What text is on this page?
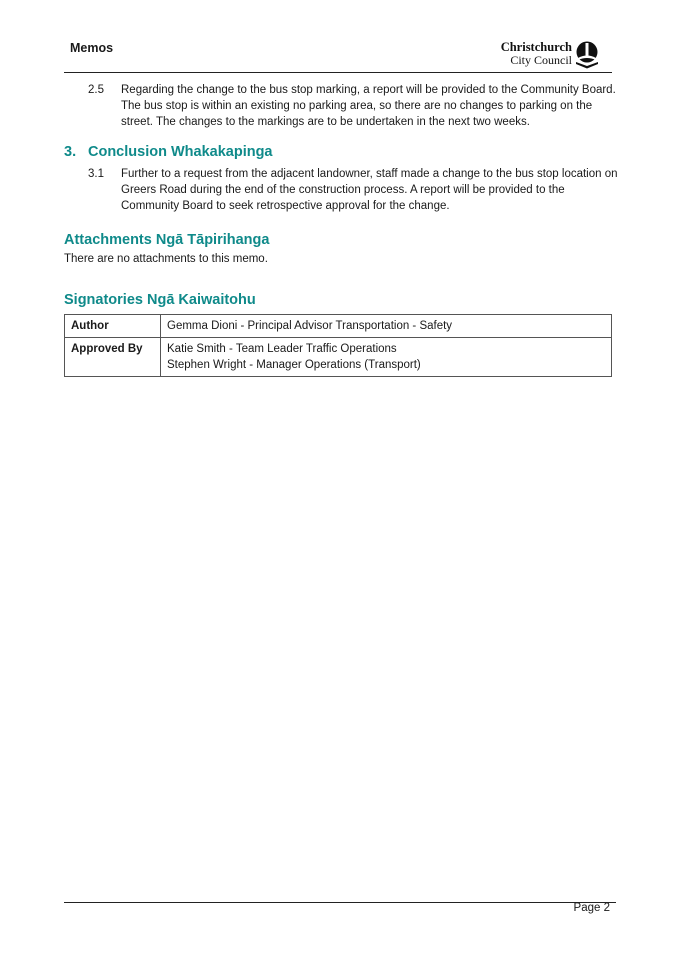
Memos	Christchurch
City Council
2.5 Regarding the change to the bus stop marking, a report will be provided to the Community Board. The bus stop is within an existing no parking area, so there are no changes to parking on the street. The changes to the markings are to be undertaken in the next two weeks.
3. Conclusion Whakakapinga
3.1 Further to a request from the adjacent landowner, staff made a change to the bus stop location on Greers Road during the end of the construction process. A report will be provided to the Community Board to seek retrospective approval for the change.
Attachments Ngā Tāpirihanga
There are no attachments to this memo.
Signatories Ngā Kaiwaitohu
Author	Gemma Dioni - Principal Advisor Transportation - Safety
Approved By	Katie Smith - Team Leader Traffic Operations
Stephen Wright - Manager Operations (Transport)
Page 2
